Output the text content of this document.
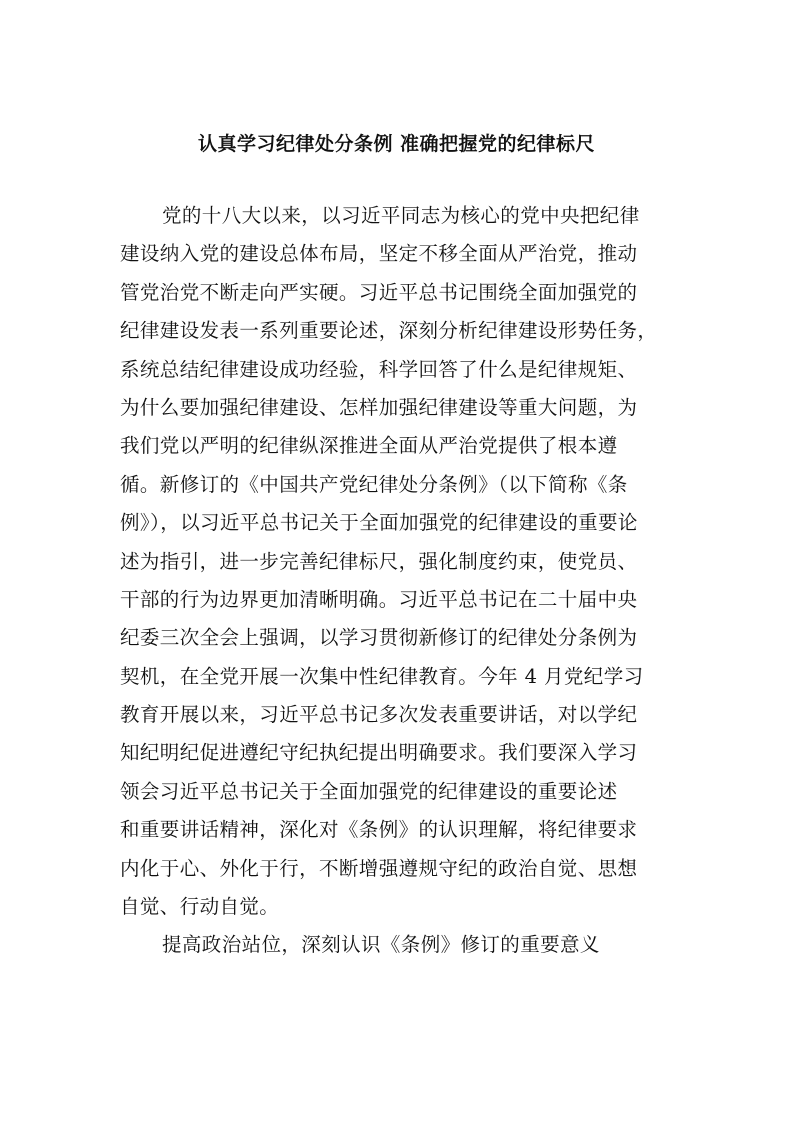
认真学习纪律处分条例 准确把握党的纪律标尺
党的十八大以来，以习近平同志为核心的党中央把纪律
建设纳入党的建设总体布局，坚定不移全面从严治党，推动
管党治党不断走向严实硬。习近平总书记围绕全面加强党的
纪律建设发表一系列重要论述，深刻分析纪律建设形势任务，
系统总结纪律建设成功经验，科学回答了什么是纪律规矩、
为什么要加强纪律建设、怎样加强纪律建设等重大问题，为
我们党以严明的纪律纵深推进全面从严治党提供了根本遵
循。新修订的《中国共产党纪律处分条例》（以下简称《条
例》），以习近平总书记关于全面加强党的纪律建设的重要论
述为指引，进一步完善纪律标尺，强化制度约束，使党员、
干部的行为边界更加清晰明确。习近平总书记在二十届中央
纪委三次全会上强调，以学习贯彻新修订的纪律处分条例为
契机，在全党开展一次集中性纪律教育。今年 4 月党纪学习
教育开展以来，习近平总书记多次发表重要讲话，对以学纪
知纪明纪促进遵纪守纪执纪提出明确要求。我们要深入学习
领会习近平总书记关于全面加强党的纪律建设的重要论述
和重要讲话精神，深化对《条例》的认识理解，将纪律要求
内化于心、外化于行，不断增强遵规守纪的政治自觉、思想
自觉、行动自觉。
提高政治站位，深刻认识《条例》修订的重要意义
